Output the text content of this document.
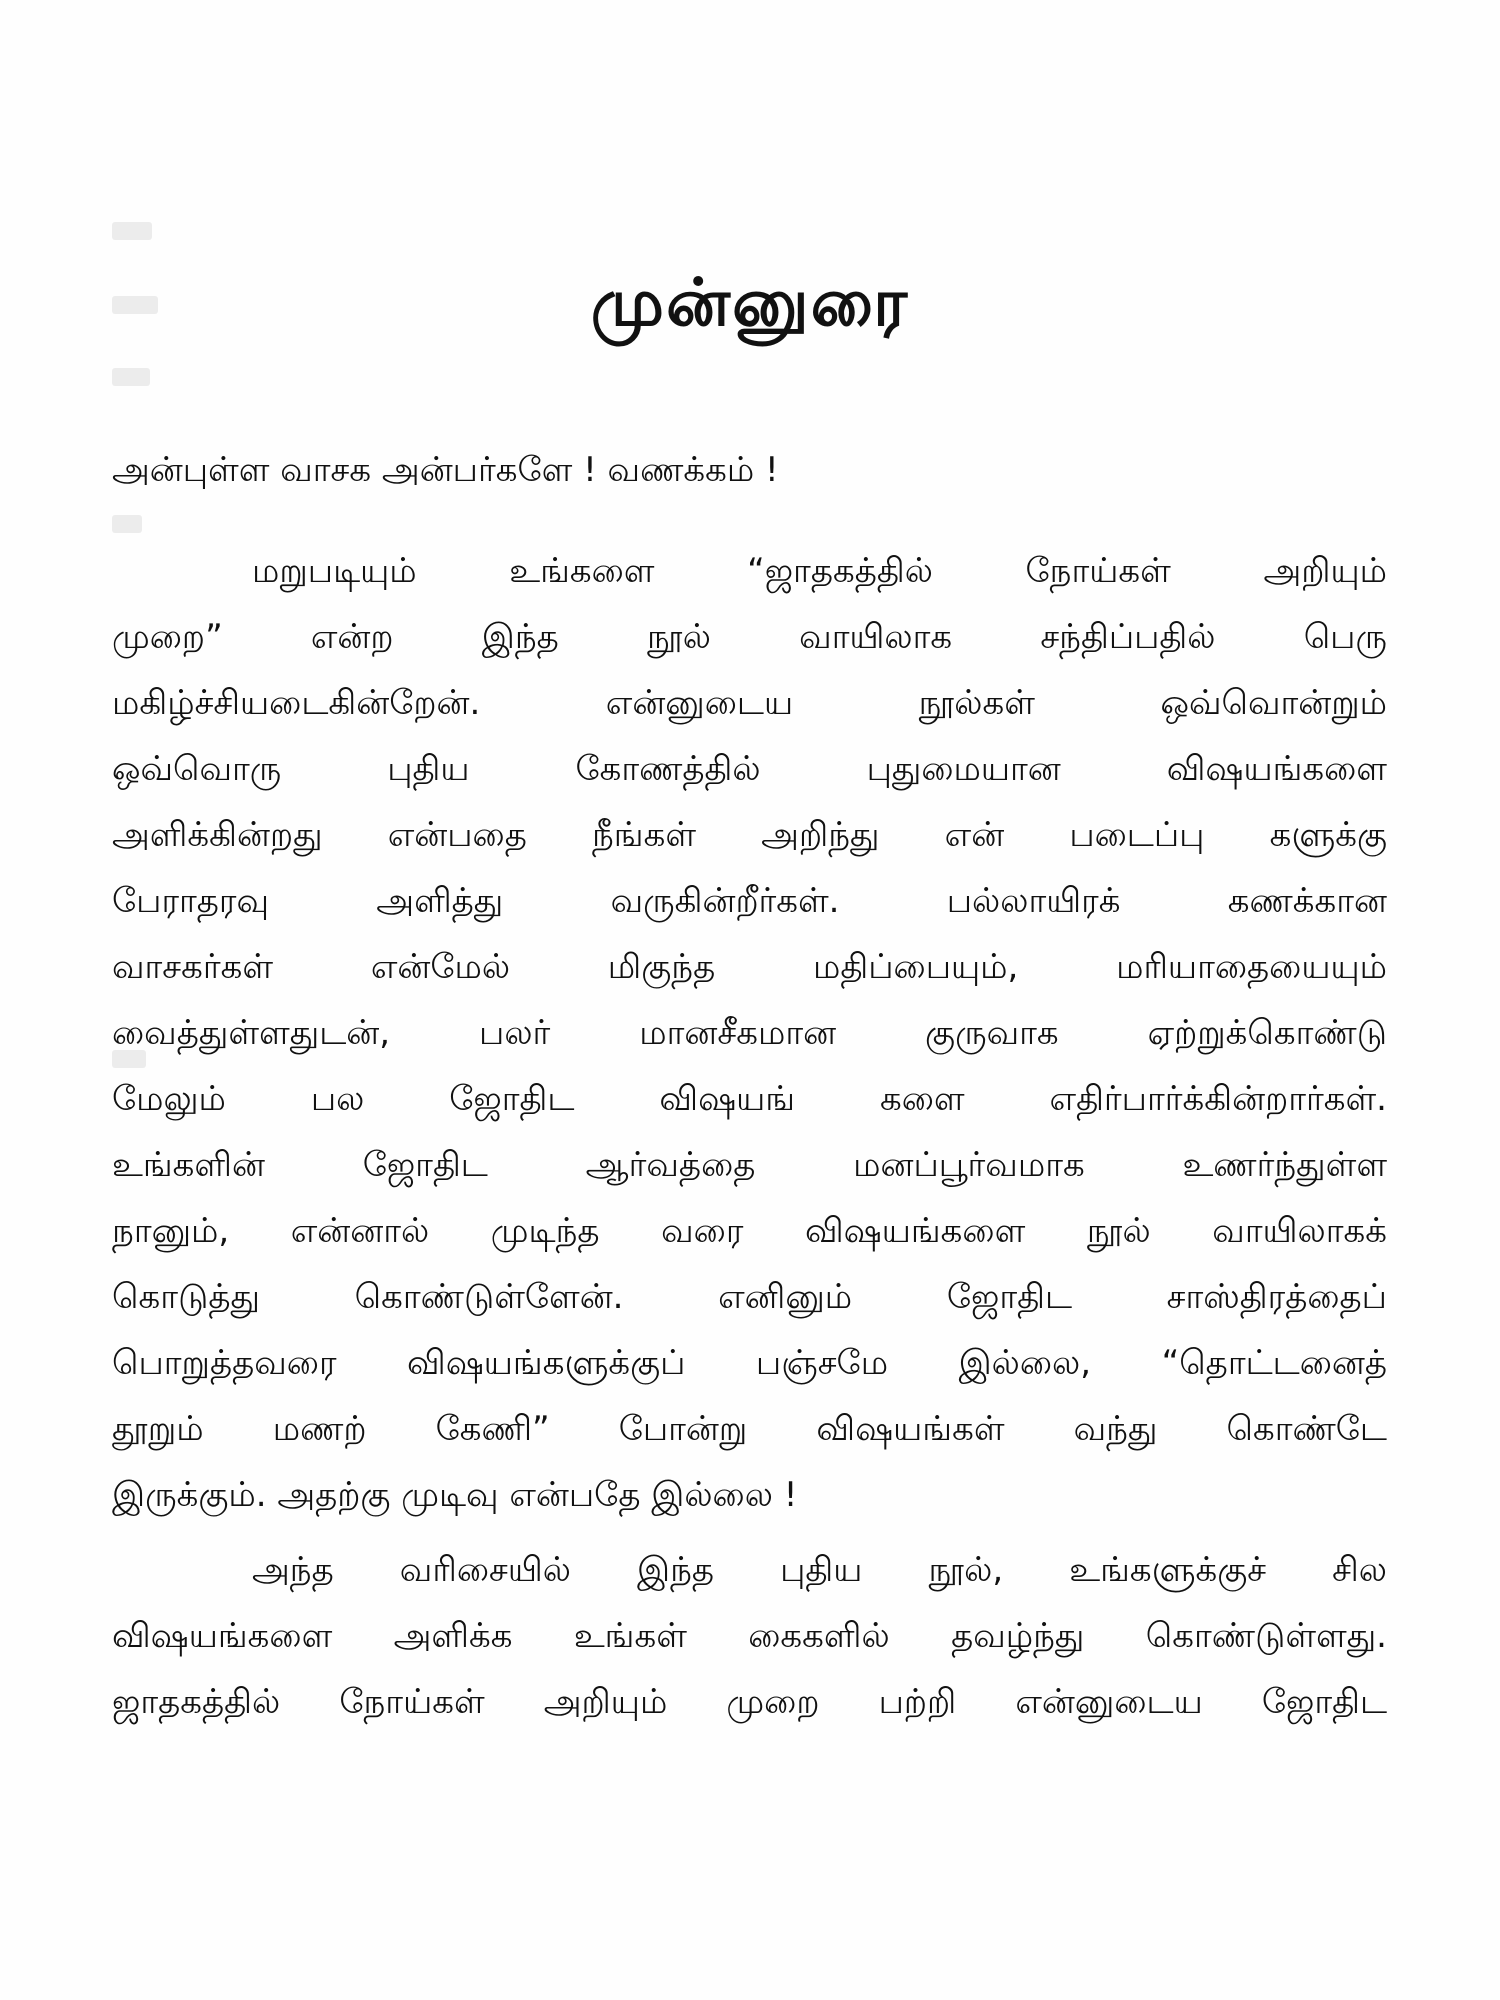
முன்னுரை

அன்புள்ள வாசக அன்பர்களே ! வணக்கம் !

மறுபடியும் உங்களை “ஜாதகத்தில் நோய்கள் அறியும்
முறை” என்ற இந்த நூல் வாயிலாக சந்திப்பதில் பெரு
மகிழ்ச்சியடைகின்றேன். என்னுடைய நூல்கள் ஒவ்வொன்றும்
ஒவ்வொரு புதிய கோணத்தில் புதுமையான விஷயங்களை
அளிக்கின்றது என்பதை நீங்கள் அறிந்து என் படைப்பு களுக்கு
பேராதரவு அளித்து வருகின்றீர்கள். பல்லாயிரக் கணக்கான
வாசகர்கள் என்மேல் மிகுந்த மதிப்பையும், மரியாதையையும்
வைத்துள்ளதுடன், பலர் மானசீகமான குருவாக ஏற்றுக்கொண்டு
மேலும் பல ஜோதிட விஷயங் களை எதிர்பார்க்கின்றார்கள்.
உங்களின் ஜோதிட ஆர்வத்தை மனப்பூர்வமாக உணர்ந்துள்ள
நானும், என்னால் முடிந்த வரை விஷயங்களை நூல் வாயிலாகக்
கொடுத்து கொண்டுள்ளேன். எனினும் ஜோதிட சாஸ்திரத்தைப்
பொறுத்தவரை விஷயங்களுக்குப் பஞ்சமே இல்லை, “தொட்டனைத்
தூறும் மணற் கேணி” போன்று விஷயங்கள் வந்து கொண்டே
இருக்கும். அதற்கு முடிவு என்பதே இல்லை !
அந்த வரிசையில் இந்த புதிய நூல், உங்களுக்குச் சில
விஷயங்களை அளிக்க உங்கள் கைகளில் தவழ்ந்து கொண்டுள்ளது.
ஜாதகத்தில் நோய்கள் அறியும் முறை பற்றி என்னுடைய ஜோதிட
